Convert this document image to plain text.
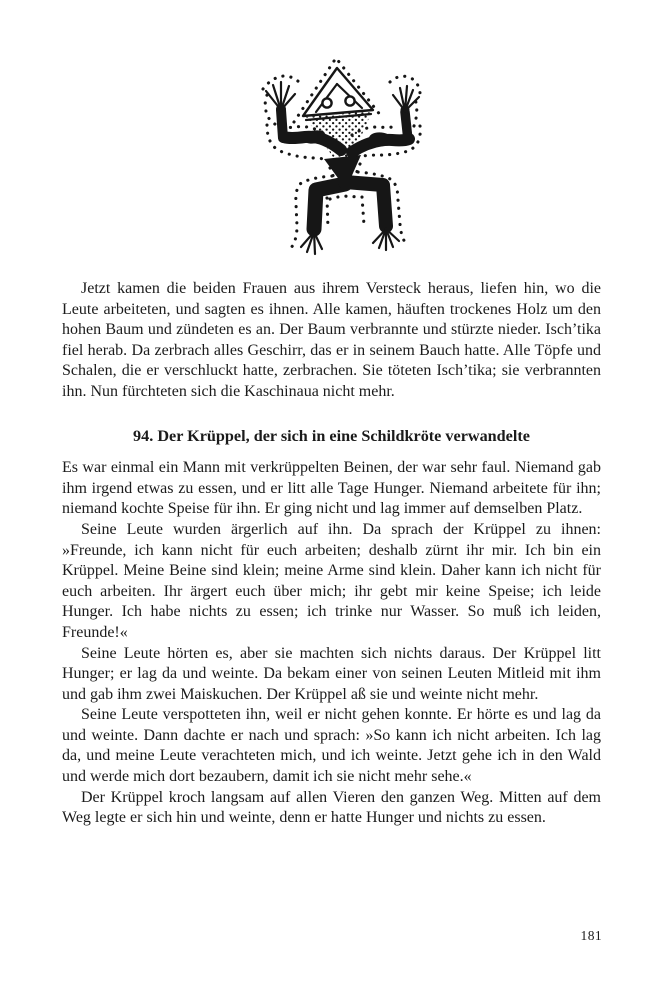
Jetzt kamen die beiden Frauen aus ihrem Versteck heraus, liefen hin, wo die Leute arbeiteten, und sagten es ihnen. Alle kamen, häuften trockenes Holz um den hohen Baum und zündeten es an. Der Baum verbrannte und stürzte nieder. Isch’tika fiel herab. Da zerbrach alles Geschirr, das er in seinem Bauch hatte. Alle Töpfe und Schalen, die er verschluckt hatte, zerbrachen. Sie töteten Isch’tika; sie verbrannten ihn. Nun fürchteten sich die Kaschinaua nicht mehr.

94. Der Krüppel, der sich in eine Schildkröte verwandelte

Es war einmal ein Mann mit verkrüppelten Beinen, der war sehr faul. Niemand gab ihm irgend etwas zu essen, und er litt alle Tage Hunger. Niemand arbeitete für ihn; niemand kochte Speise für ihn. Er ging nicht und lag immer auf demselben Platz.

Seine Leute wurden ärgerlich auf ihn. Da sprach der Krüppel zu ihnen: »Freunde, ich kann nicht für euch arbeiten; deshalb zürnt ihr mir. Ich bin ein Krüppel. Meine Beine sind klein; meine Arme sind klein. Daher kann ich nicht für euch arbeiten. Ihr ärgert euch über mich; ihr gebt mir keine Speise; ich leide Hunger. Ich habe nichts zu essen; ich trinke nur Wasser. So muß ich leiden, Freunde!«

Seine Leute hörten es, aber sie machten sich nichts daraus. Der Krüppel litt Hunger; er lag da und weinte. Da bekam einer von seinen Leuten Mitleid mit ihm und gab ihm zwei Maiskuchen. Der Krüppel aß sie und weinte nicht mehr.

Seine Leute verspotteten ihn, weil er nicht gehen konnte. Er hörte es und lag da und weinte. Dann dachte er nach und sprach: »So kann ich nicht arbeiten. Ich lag da, und meine Leute verachteten mich, und ich weinte. Jetzt gehe ich in den Wald und werde mich dort bezaubern, damit ich sie nicht mehr sehe.«

Der Krüppel kroch langsam auf allen Vieren den ganzen Weg. Mitten auf dem Weg legte er sich hin und weinte, denn er hatte Hunger und nichts zu essen.

181
